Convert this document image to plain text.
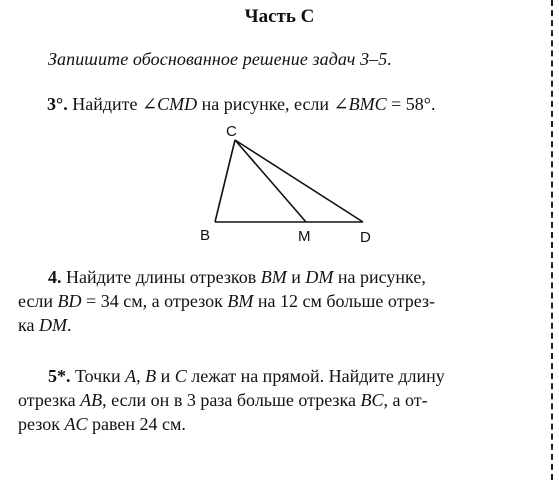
Часть С
Запишите обоснованное решение задач 3–5.
3°. Найдите ∠CMD на рисунке, если ∠BMC = 58°.
C
B	M	D

4. Найдите длины отрезков BM и DM на рисунке,

если BD = 34 см, а отрезок BM на 12 см больше отрез-

ка DM.

5*. Точки A, B и C лежат на прямой. Найдите длину

отрезка AB, если он в 3 раза больше отрезка BC, а от-

резок AC равен 24 см.
